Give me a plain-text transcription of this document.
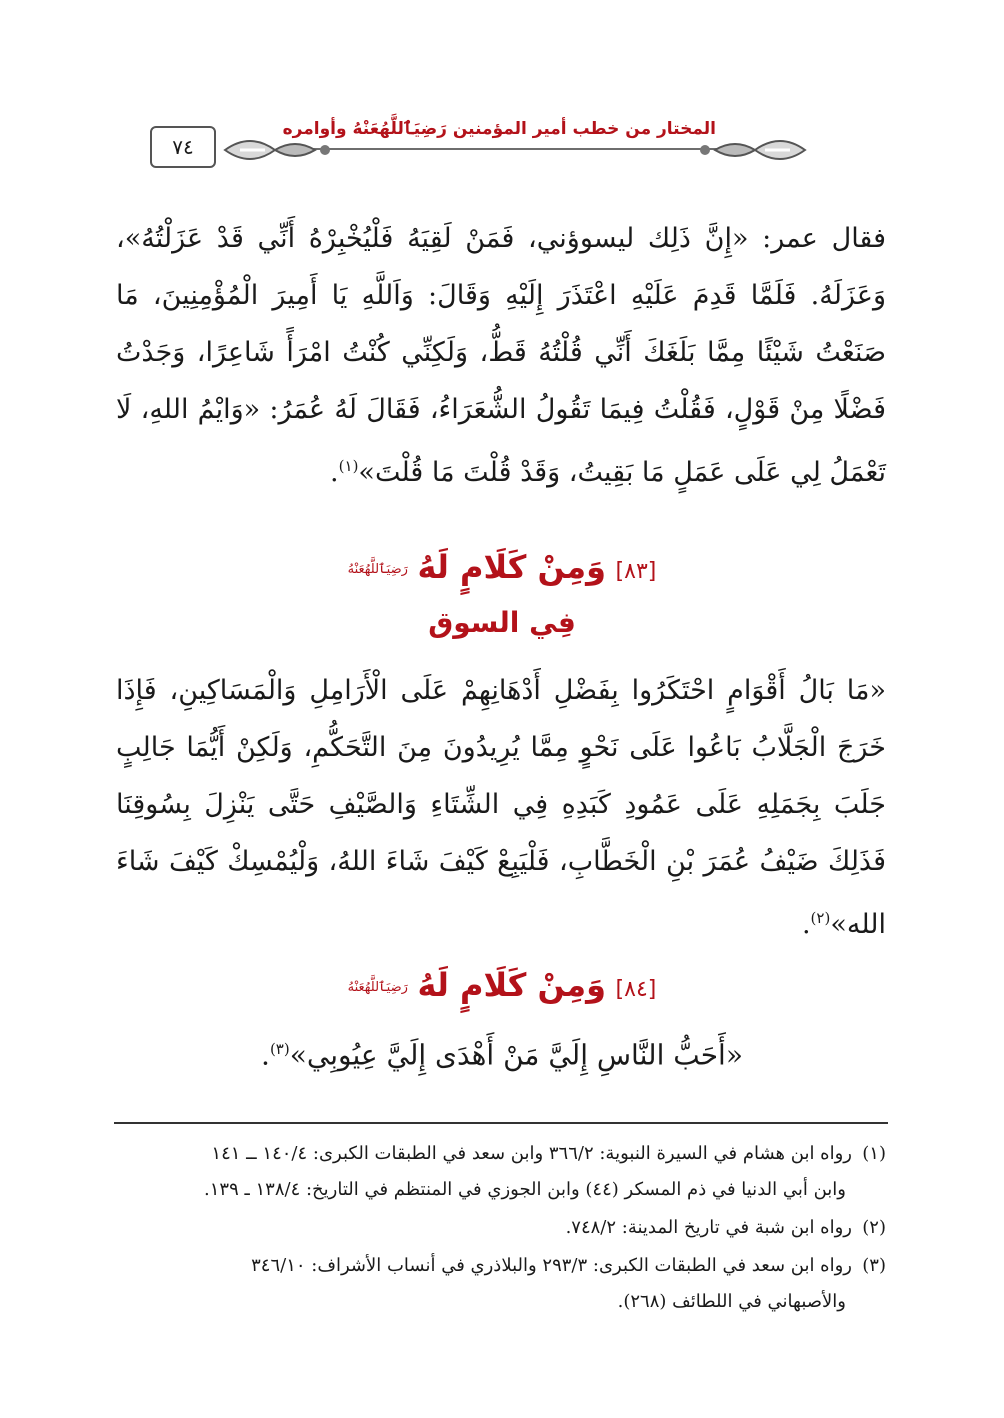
المختار من خطب أمير المؤمنين رَضِيَٱللَّهُعَنْهُ وأوامره
٧٤
فقال عمر: «إِنَّ ذَلِك ليسوؤني، فَمَنْ لَقِيَهُ فَلْيُخْبِرْهُ أَنِّي قَدْ عَزَلْتُهُ»، وَعَزَلَهُ. فَلَمَّا قَدِمَ عَلَيْهِ اعْتَذَرَ إِلَيْهِ وَقَالَ: وَاَللَّهِ يَا أَمِيرَ الْمُؤْمِنِينَ، مَا صَنَعْتُ شَيْئًا مِمَّا بَلَغَكَ أَنِّي قُلْتُهُ قَطُّ، وَلَكِنِّي كُنْتُ امْرَأً شَاعِرًا، وَجَدْتُ فَضْلًا مِنْ قَوْلٍ، فَقُلْتُ فِيمَا تَقُولُ الشُّعَرَاءُ، فَقَالَ لَهُ عُمَرُ: «وَايْمُ اللهِ، لَا تَعْمَلُ لِي عَلَى عَمَلٍ مَا بَقِيتُ، وَقَدْ قُلْتَ مَا قُلْتَ»$^{(١)}$.
[٨٣] وَمِنْ كَلَامٍ لَهُ رَضِيَٱللَّهُعَنْهُ
فِي السوق
«مَا بَالُ أَقْوَامٍ احْتَكَرُوا بِفَضْلِ أَدْهَانِهِمْ عَلَى الْأَرَامِلِ وَالْمَسَاكِينِ، فَإِذَا خَرَجَ الْجَلَّابُ بَاعُوا عَلَى نَحْوٍ مِمَّا يُرِيدُونَ مِنَ التَّحَكُّمِ، وَلَكِنْ أَيُّمَا جَالِبٍ جَلَبَ بِجَمَلِهِ عَلَى عَمُودِ كَبَدِهِ فِي الشِّتَاءِ وَالصَّيْفِ حَتَّى يَنْزِلَ بِسُوقِنَا فَذَلِكَ ضَيْفُ عُمَرَ بْنِ الْخَطَّابِ، فَلْيَبِعْ كَيْفَ شَاءَ اللهُ، وَلْيُمْسِكْ كَيْفَ شَاءَ الله»$^{(٢)}$.
[٨٤] وَمِنْ كَلَامٍ لَهُ رَضِيَٱللَّهُعَنْهُ
«أَحَبُّ النَّاسِ إِلَيَّ مَنْ أَهْدَى إِلَيَّ عِيُوبِي»$^{(٣)}$.
(١)رواه ابن هشام في السيرة النبوية: ٣٦٦/٢ وابن سعد في الطبقات الكبرى: ١٤٠/٤ ــ ١٤١
وابن أبي الدنيا في ذم المسكر (٤٤) وابن الجوزي في المنتظم في التاريخ: ١٣٨/٤ ـ ١٣٩.
(٢)رواه ابن شبة في تاريخ المدينة: ٧٤٨/٢.
(٣)رواه ابن سعد في الطبقات الكبرى: ٢٩٣/٣ والبلاذري في أنساب الأشراف: ٣٤٦/١٠
والأصبهاني في اللطائف (٢٦٨).
